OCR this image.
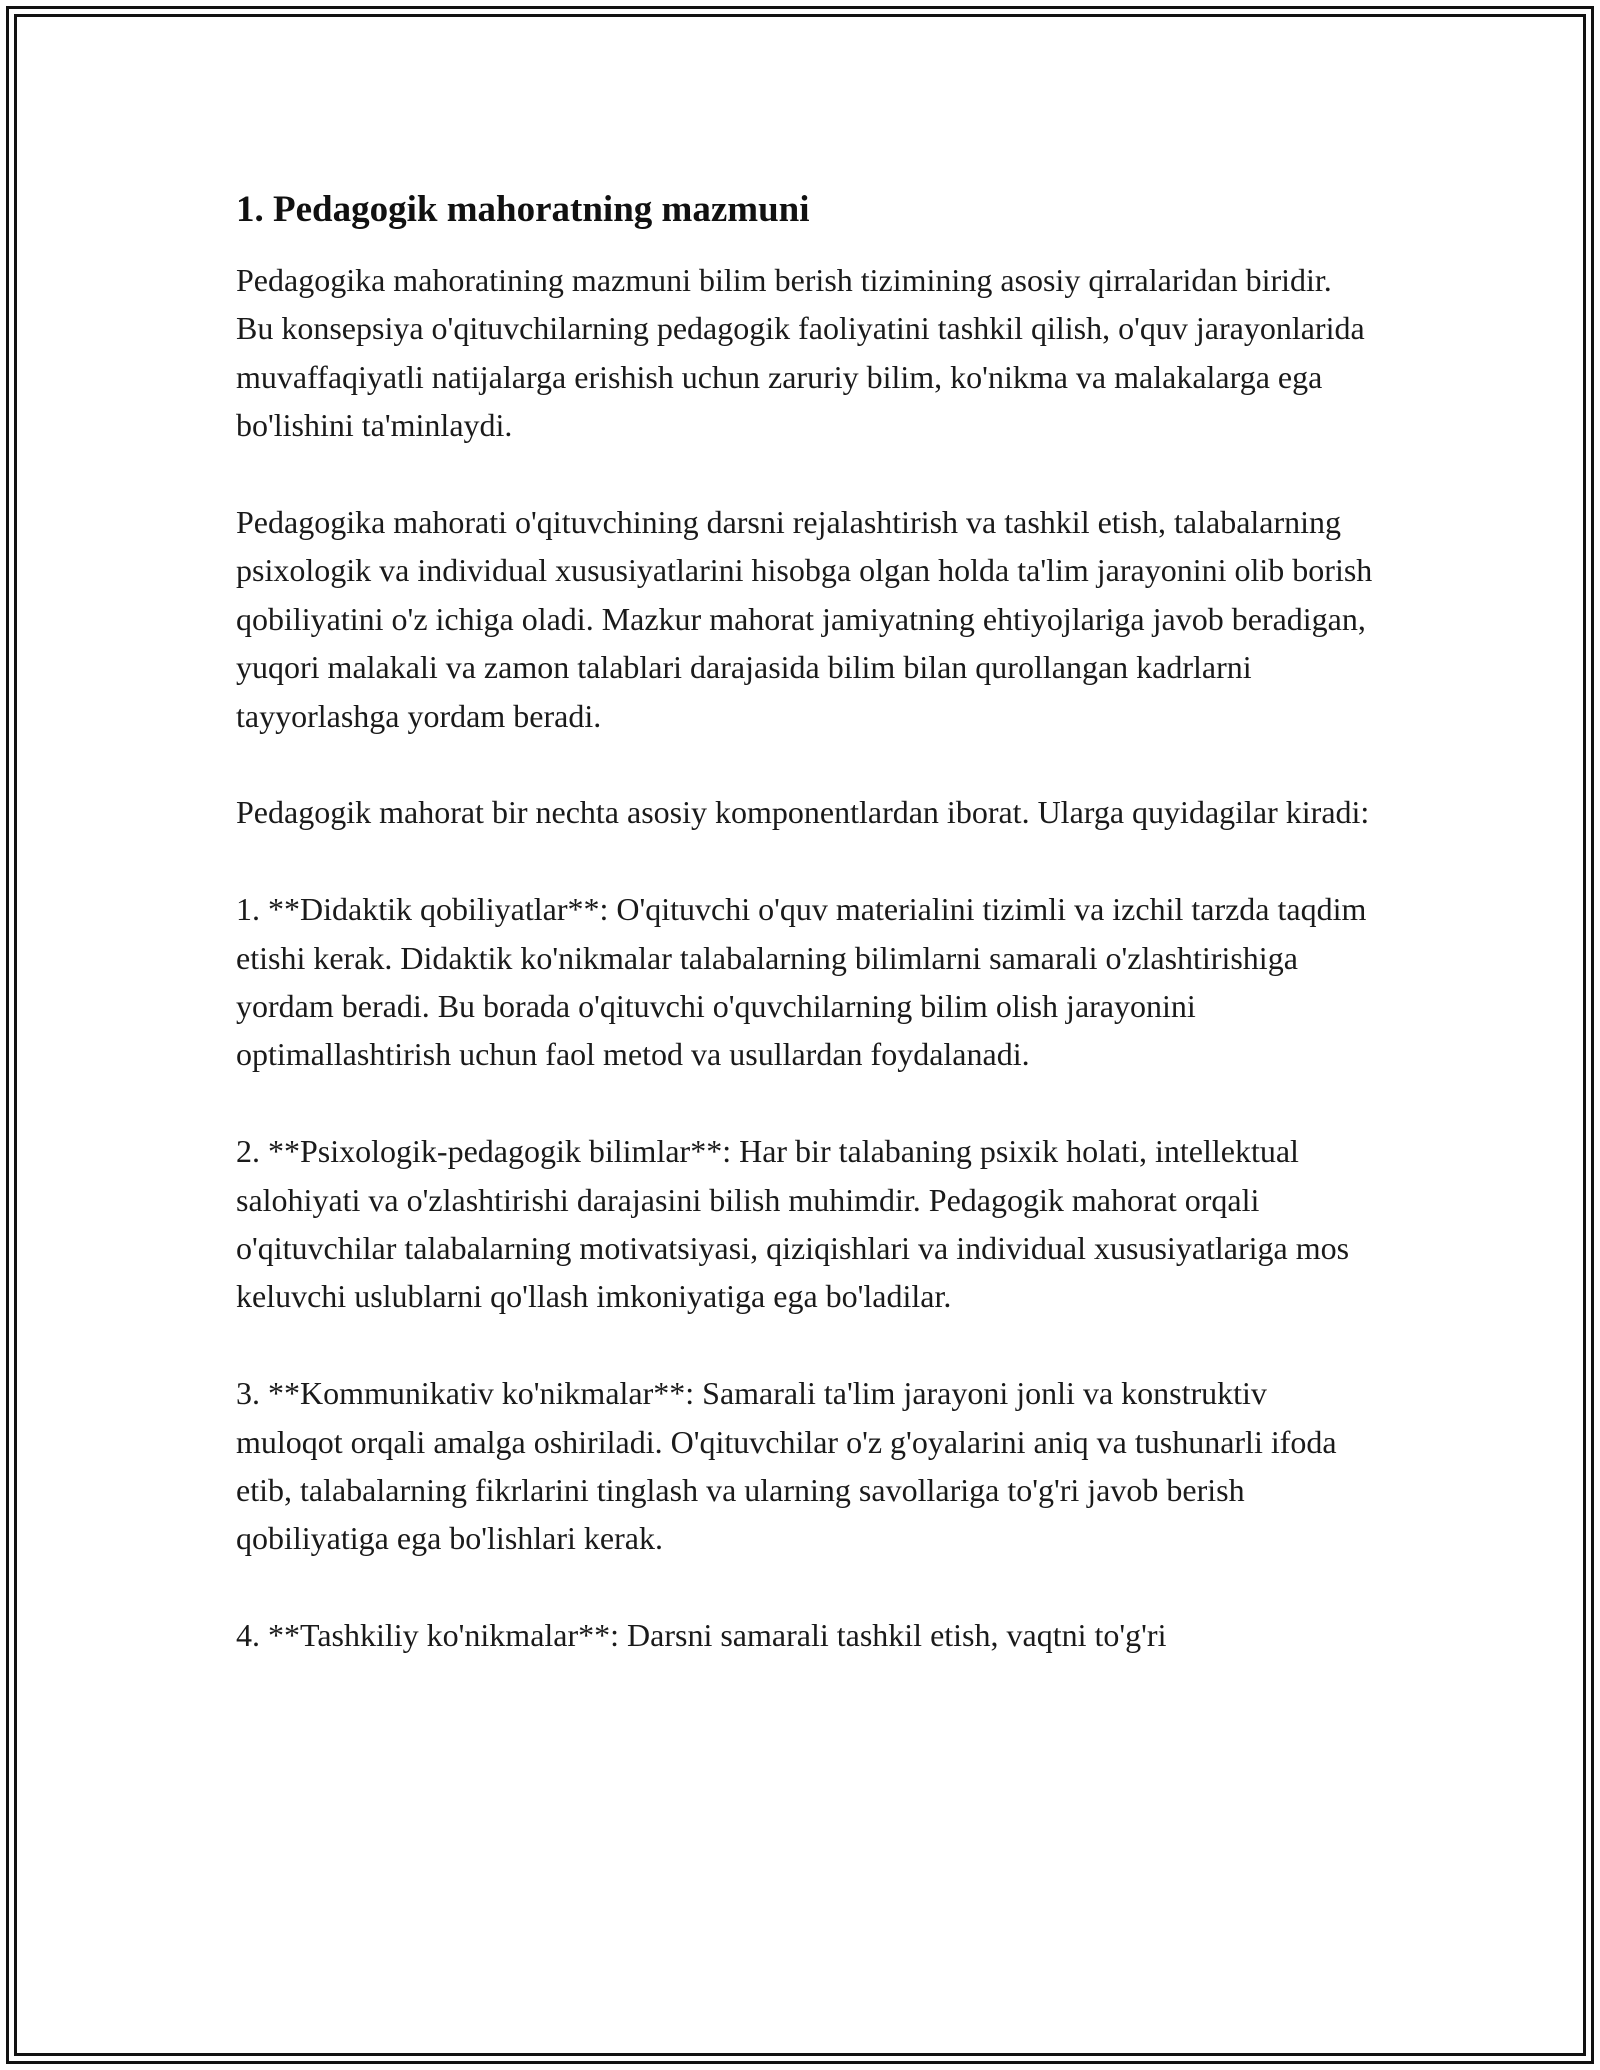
1. Pedagogik mahoratning mazmuni

Pedagogika mahoratining mazmuni bilim berish tizimining asosiy qirralaridan biridir. Bu konsepsiya o'qituvchilarning pedagogik faoliyatini tashkil qilish, o'quv jarayonlarida muvaffaqiyatli natijalarga erishish uchun zaruriy bilim, ko'nikma va malakalarga ega bo'lishini ta'minlaydi.

Pedagogika mahorati o'qituvchining darsni rejalashtirish va tashkil etish, talabalarning psixologik va individual xususiyatlarini hisobga olgan holda ta'lim jarayonini olib borish qobiliyatini o'z ichiga oladi. Mazkur mahorat jamiyatning ehtiyojlariga javob beradigan, yuqori malakali va zamon talablari darajasida bilim bilan qurollangan kadrlarni tayyorlashga yordam beradi.

Pedagogik mahorat bir nechta asosiy komponentlardan iborat. Ularga quyidagilar kiradi:

1. **Didaktik qobiliyatlar**: O'qituvchi o'quv materialini tizimli va izchil tarzda taqdim etishi kerak. Didaktik ko'nikmalar talabalarning bilimlarni samarali o'zlashtirishiga yordam beradi. Bu borada o'qituvchi o'quvchilarning bilim olish jarayonini optimallashtirish uchun faol metod va usullardan foydalanadi.

2. **Psixologik-pedagogik bilimlar**: Har bir talabaning psixik holati, intellektual salohiyati va o'zlashtirishi darajasini bilish muhimdir. Pedagogik mahorat orqali o'qituvchilar talabalarning motivatsiyasi, qiziqishlari va individual xususiyatlariga mos keluvchi uslublarni qo'llash imkoniyatiga ega bo'ladilar.

3. **Kommunikativ ko'nikmalar**: Samarali ta'lim jarayoni jonli va konstruktiv muloqot orqali amalga oshiriladi. O'qituvchilar o'z g'oyalarini aniq va tushunarli ifoda etib, talabalarning fikrlarini tinglash va ularning savollariga to'g'ri javob berish qobiliyatiga ega bo'lishlari kerak.

4. **Tashkiliy ko'nikmalar**: Darsni samarali tashkil etish, vaqtni to'g'ri
